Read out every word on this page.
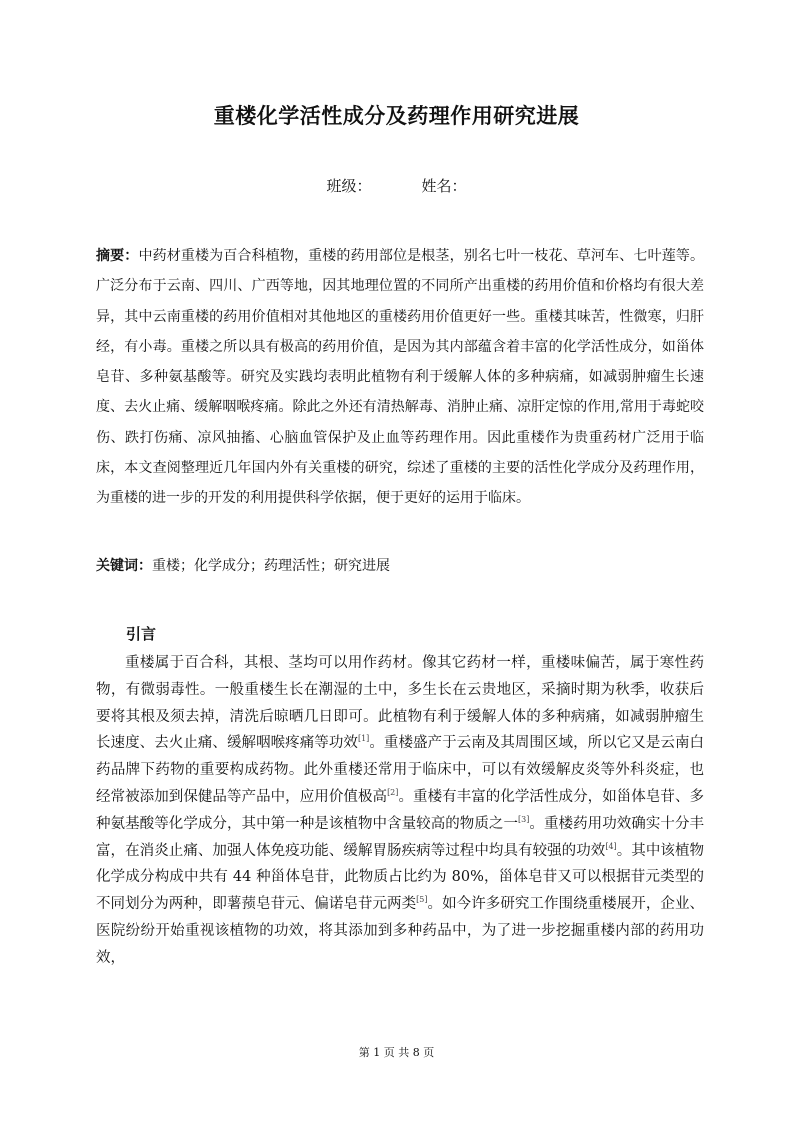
重楼化学活性成分及药理作用研究进展
班级：	姓名：

摘要：中药材重楼为百合科植物，重楼的药用部位是根茎，别名七叶一枝花、草河车、七叶莲等。广泛分布于云南、四川、广西等地，因其地理位置的不同所产出重楼的药用价值和价格均有很大差异，其中云南重楼的药用价值相对其他地区的重楼药用价值更好一些。重楼其味苦，性微寒，归肝经，有小毒。重楼之所以具有极高的药用价值，是因为其内部蕴含着丰富的化学活性成分，如甾体皂苷、多种氨基酸等。研究及实践均表明此植物有利于缓解人体的多种病痛，如减弱肿瘤生长速度、去火止痛、缓解咽喉疼痛。除此之外还有清热解毒、消肿止痛、凉肝定惊的作用,常用于毒蛇咬伤、跌打伤痛、凉风抽搐、心脑血管保护及止血等药理作用。因此重楼作为贵重药材广泛用于临床，本文查阅整理近几年国内外有关重楼的研究，综述了重楼的主要的活性化学成分及药理作用，为重楼的进一步的开发的利用提供科学依据，便于更好的运用于临床。

关键词：重楼；化学成分；药理活性；研究进展

引言

重楼属于百合科，其根、茎均可以用作药材。像其它药材一样，重楼味偏苦，属于寒性药物，有微弱毒性。一般重楼生长在潮湿的土中，多生长在云贵地区，采摘时期为秋季，收获后要将其根及须去掉，清洗后晾晒几日即可。此植物有利于缓解人体的多种病痛，如减弱肿瘤生长速度、去火止痛、缓解咽喉疼痛等功效[1]。重楼盛产于云南及其周围区域，所以它又是云南白药品牌下药物的重要构成药物。此外重楼还常用于临床中，可以有效缓解皮炎等外科炎症，也经常被添加到保健品等产品中，应用价值极高[2]。重楼有丰富的化学活性成分，如甾体皂苷、多种氨基酸等化学成分，其中第一种是该植物中含量较高的物质之一[3]。重楼药用功效确实十分丰富，在消炎止痛、加强人体免疫功能、缓解胃肠疾病等过程中均具有较强的功效[4]。其中该植物化学成分构成中共有 44 种甾体皂苷，此物质占比约为 80%，甾体皂苷又可以根据苷元类型的不同划分为两种，即薯蓣皂苷元、偏诺皂苷元两类[5]。如今许多研究工作围绕重楼展开，企业、医院纷纷开始重视该植物的功效，将其添加到多种药品中，为了进一步挖掘重楼内部的药用功效，

第 1 页 共 8 页
